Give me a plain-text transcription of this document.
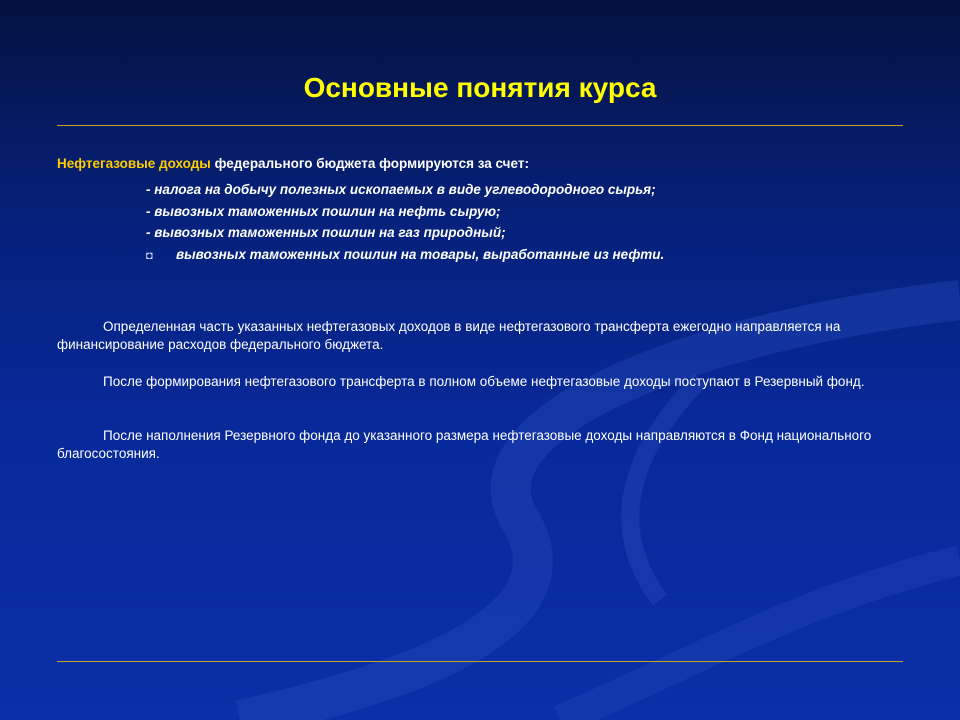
Основные понятия курса
Нефтегазовые доходы федерального бюджета формируются за счет:
- налога на добычу полезных ископаемых в виде углеводородного сырья;
- вывозных таможенных пошлин на нефть сырую;
- вывозных таможенных пошлин на газ природный;
◘ вывозных таможенных пошлин на товары, выработанные из нефти.
Определенная часть указанных нефтегазовых доходов в виде нефтегазового трансферта ежегодно направляется на финансирование расходов федерального бюджета.
После формирования нефтегазового трансферта в полном объеме нефтегазовые доходы поступают в Резервный фонд.
После наполнения Резервного фонда до указанного размера нефтегазовые доходы направляются в Фонд национального благосостояния.
